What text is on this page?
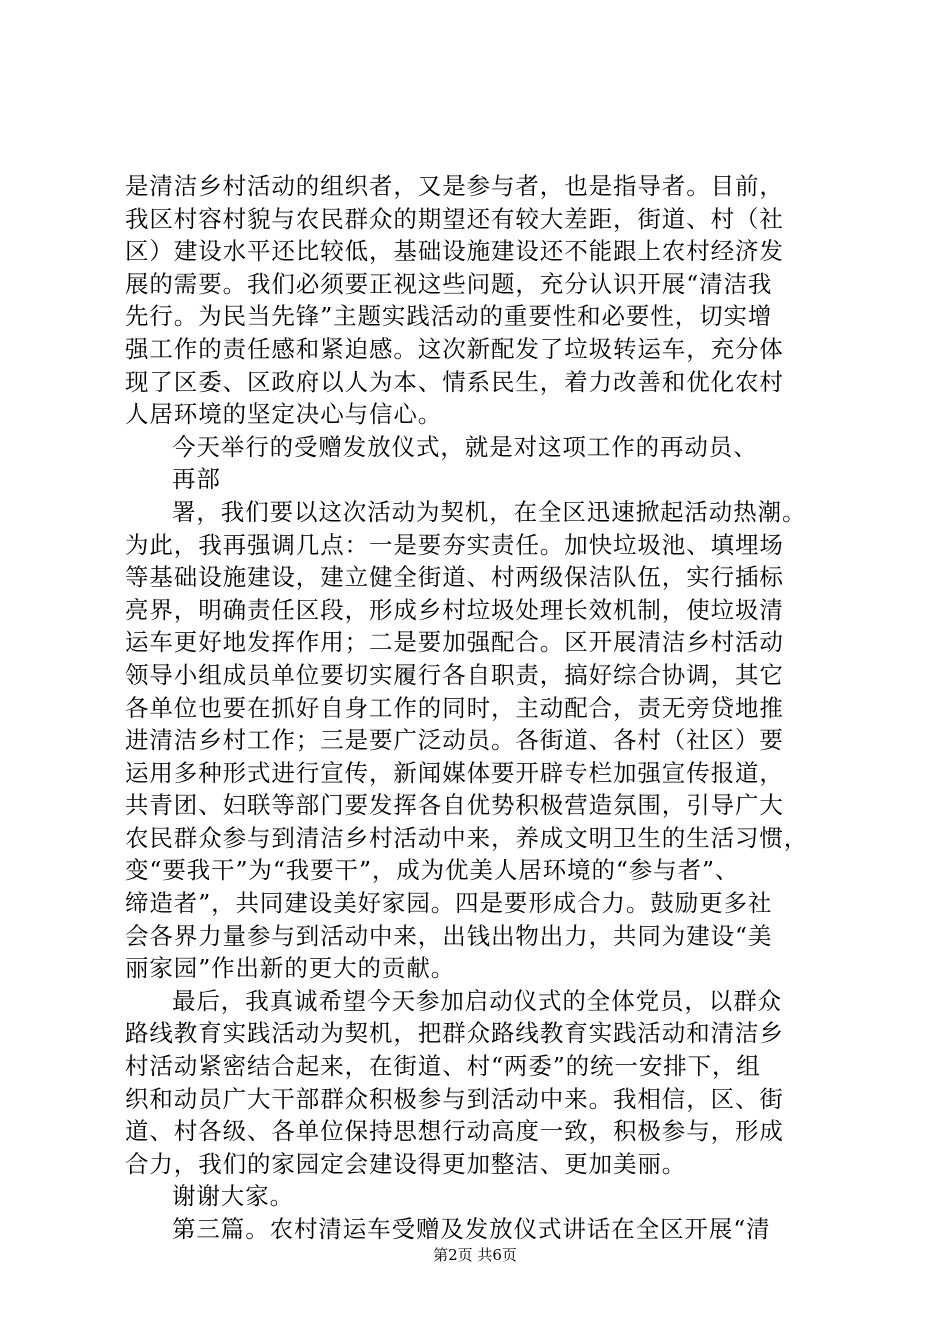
是清洁乡村活动的组织者，又是参与者，也是指导者。目前，
我区村容村貌与农民群众的期望还有较大差距，街道、村（社
区）建设水平还比较低，基础设施建设还不能跟上农村经济发
展的需要。我们必须要正视这些问题，充分认识开展“清洁我
先行。为民当先锋”主题实践活动的重要性和必要性，切实增
强工作的责任感和紧迫感。这次新配发了垃圾转运车，充分体
现了区委、区政府以人为本、情系民生，着力改善和优化农村
人居环境的坚定决心与信心。
今天举行的受赠发放仪式，就是对这项工作的再动员、
再部
署，我们要以这次活动为契机，在全区迅速掀起活动热潮。
为此，我再强调几点：一是要夯实责任。加快垃圾池、填埋场
等基础设施建设，建立健全街道、村两级保洁队伍，实行插标
亮界，明确责任区段，形成乡村垃圾处理长效机制，使垃圾清
运车更好地发挥作用；二是要加强配合。区开展清洁乡村活动
领导小组成员单位要切实履行各自职责，搞好综合协调，其它
各单位也要在抓好自身工作的同时，主动配合，责无旁贷地推
进清洁乡村工作；三是要广泛动员。各街道、各村（社区）要
运用多种形式进行宣传，新闻媒体要开辟专栏加强宣传报道，
共青团、妇联等部门要发挥各自优势积极营造氛围，引导广大
农民群众参与到清洁乡村活动中来，养成文明卫生的生活习惯，
变“要我干”为“我要干”，成为优美人居环境的“参与者”、
缔造者”，共同建设美好家园。四是要形成合力。鼓励更多社
会各界力量参与到活动中来，出钱出物出力，共同为建设“美
丽家园”作出新的更大的贡献。
最后，我真诚希望今天参加启动仪式的全体党员，以群众
路线教育实践活动为契机，把群众路线教育实践活动和清洁乡
村活动紧密结合起来，在街道、村“两委”的统一安排下，组
织和动员广大干部群众积极参与到活动中来。我相信，区、街
道、村各级、各单位保持思想行动高度一致，积极参与，形成
合力，我们的家园定会建设得更加整洁、更加美丽。
谢谢大家。
第三篇。农村清运车受赠及发放仪式讲话在全区开展“清
第2页 共6页
